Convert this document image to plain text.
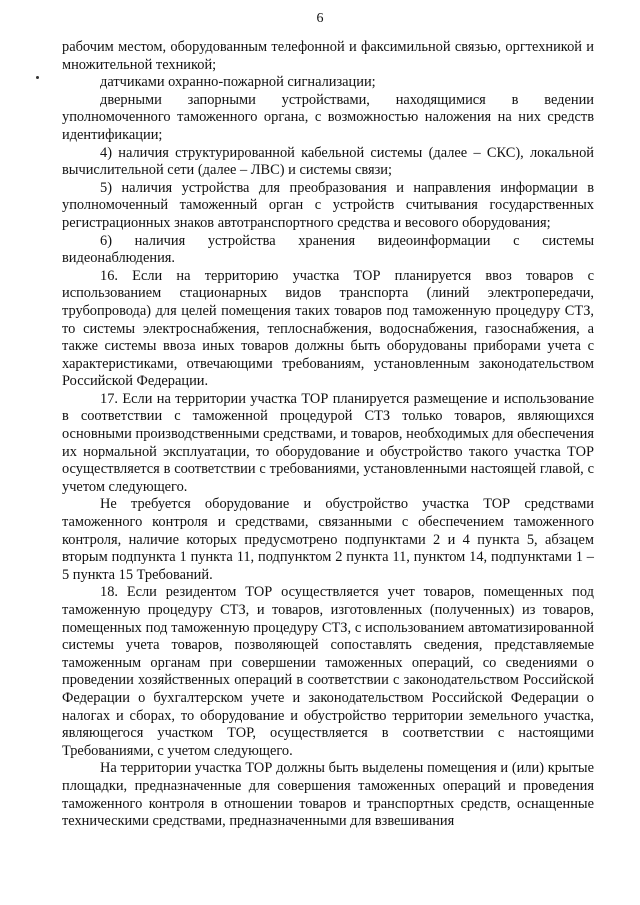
6

рабочим местом, оборудованным телефонной и факсимильной связью, оргтехникой и множительной техникой;

датчиками охранно-пожарной сигнализации;

дверными запорными устройствами, находящимися в ведении уполномоченного таможенного органа, с возможностью наложения на них средств идентификации;

4) наличия структурированной кабельной системы (далее – СКС), локальной вычислительной сети (далее – ЛВС) и системы связи;

5) наличия устройства для преобразования и направления информации в уполномоченный таможенный орган с устройств считывания государственных регистрационных знаков автотранспортного средства и весового оборудования;

6) наличия устройства хранения видеоинформации с системы видеонаблюдения.

16. Если на территорию участка ТОР планируется ввоз товаров с использованием стационарных видов транспорта (линий электропередачи, трубопровода) для целей помещения таких товаров под таможенную процедуру СТЗ, то системы электроснабжения, теплоснабжения, водоснабжения, газоснабжения, а также системы ввоза иных товаров должны быть оборудованы приборами учета с характеристиками, отвечающими требованиям, установленным законодательством Российской Федерации.

17. Если на территории участка ТОР планируется размещение и использование в соответствии с таможенной процедурой СТЗ только товаров, являющихся основными производственными средствами, и товаров, необходимых для обеспечения их нормальной эксплуатации, то оборудование и обустройство такого участка ТОР осуществляется в соответствии с требованиями, установленными настоящей главой, с учетом следующего.

Не требуется оборудование и обустройство участка ТОР средствами таможенного контроля и средствами, связанными с обеспечением таможенного контроля, наличие которых предусмотрено подпунктами 2 и 4 пункта 5, абзацем вторым подпункта 1 пункта 11, подпунктом 2 пункта 11, пунктом 14, подпунктами 1 – 5 пункта 15 Требований.

18. Если резидентом ТОР осуществляется учет товаров, помещенных под таможенную процедуру СТЗ, и товаров, изготовленных (полученных) из товаров, помещенных под таможенную процедуру СТЗ, с использованием автоматизированной системы учета товаров, позволяющей сопоставлять сведения, представляемые таможенным органам при совершении таможенных операций, со сведениями о проведении хозяйственных операций в соответствии с законодательством Российской Федерации о бухгалтерском учете и законодательством Российской Федерации о налогах и сборах, то оборудование и обустройство территории земельного участка, являющегося участком ТОР, осуществляется в соответствии с настоящими Требованиями, с учетом следующего.

На территории участка ТОР должны быть выделены помещения и (или) крытые площадки, предназначенные для совершения таможенных операций и проведения таможенного контроля в отношении товаров и транспортных средств, оснащенные техническими средствами, предназначенными для взвешивания
